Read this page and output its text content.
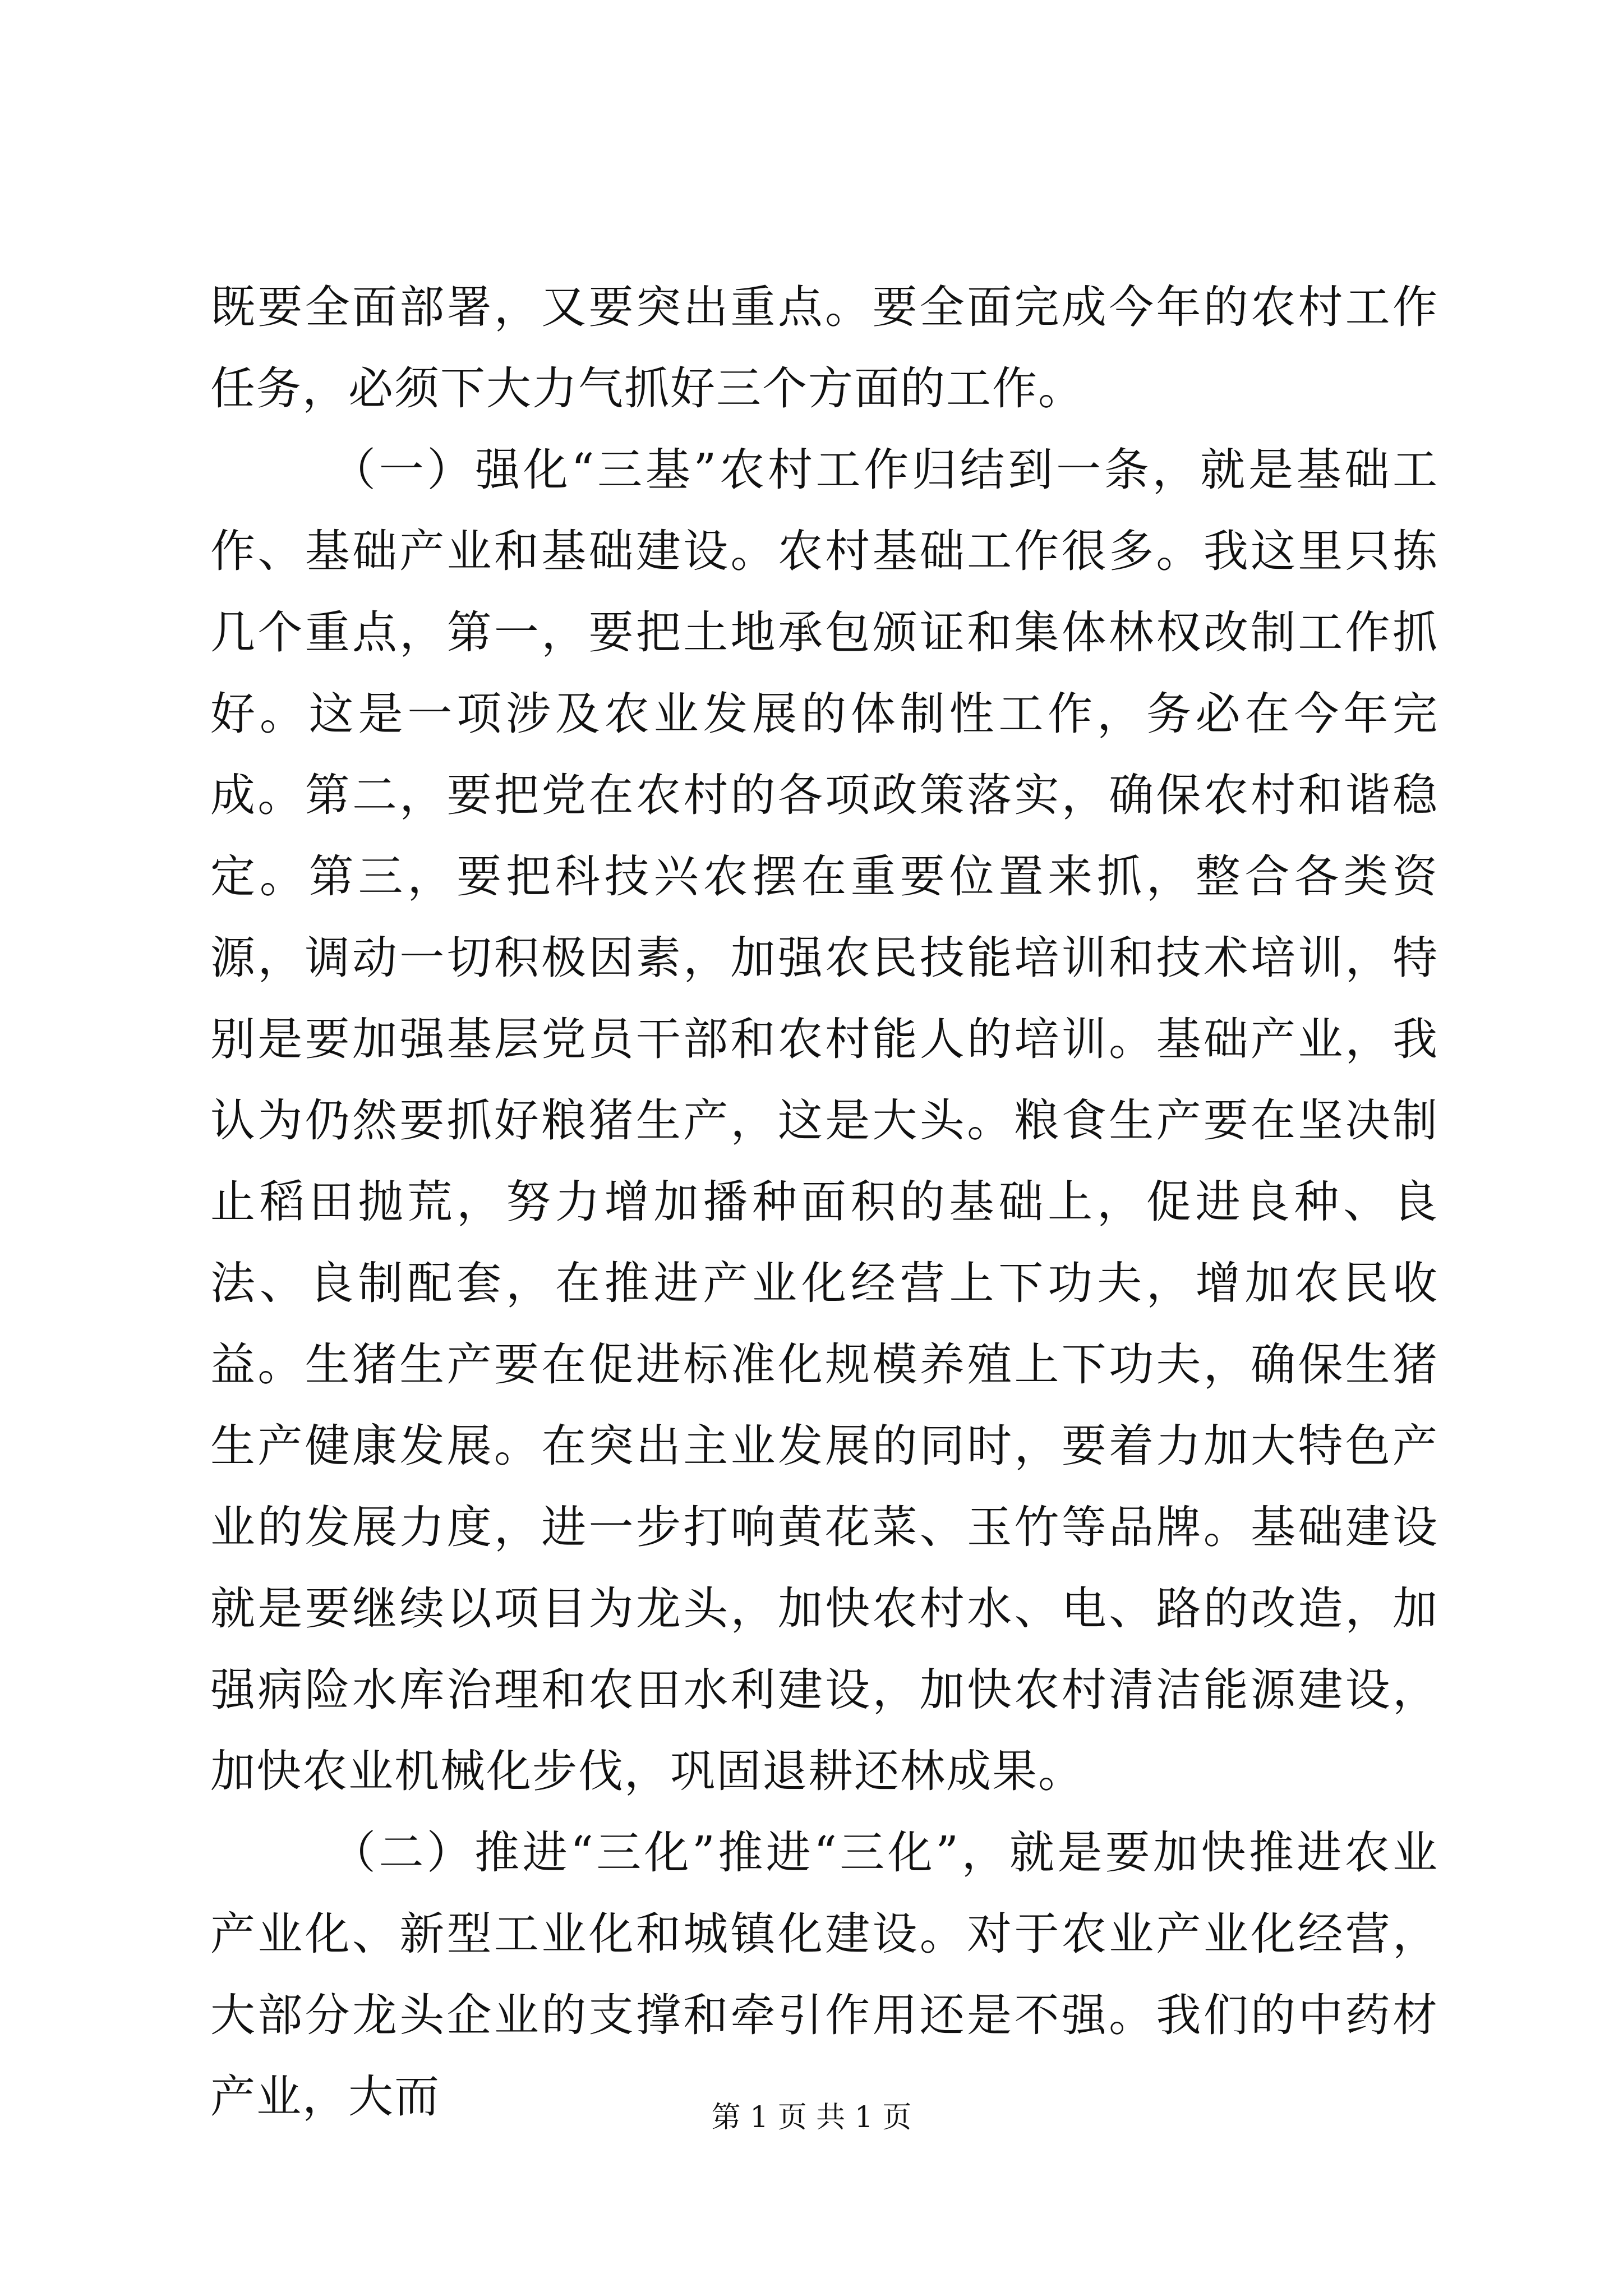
既要全面部署，又要突出重点。要全面完成今年的农村工作任务，必须下大力气抓好三个方面的工作。

（一）强化“三基”农村工作归结到一条，就是基础工作、基础产业和基础建设。农村基础工作很多。我这里只拣几个重点，第一，要把土地承包颁证和集体林权改制工作抓好。这是一项涉及农业发展的体制性工作，务必在今年完成。第二，要把党在农村的各项政策落实，确保农村和谐稳定。第三，要把科技兴农摆在重要位置来抓，整合各类资源，调动一切积极因素，加强农民技能培训和技术培训，特别是要加强基层党员干部和农村能人的培训。基础产业，我认为仍然要抓好粮猪生产，这是大头。粮食生产要在坚决制止稻田抛荒，努力增加播种面积的基础上，促进良种、良法、良制配套，在推进产业化经营上下功夫，增加农民收益。生猪生产要在促进标准化规模养殖上下功夫，确保生猪生产健康发展。在突出主业发展的同时，要着力加大特色产业的发展力度，进一步打响黄花菜、玉竹等品牌。基础建设就是要继续以项目为龙头，加快农村水、电、路的改造，加强病险水库治理和农田水利建设，加快农村清洁能源建设，加快农业机械化步伐，巩固退耕还林成果。

（二）推进“三化”推进“三化”，就是要加快推进农业产业化、新型工业化和城镇化建设。对于农业产业化经营，大部分龙头企业的支撑和牵引作用还是不强。我们的中药材产业，大而	第 1 页 共 1 页
